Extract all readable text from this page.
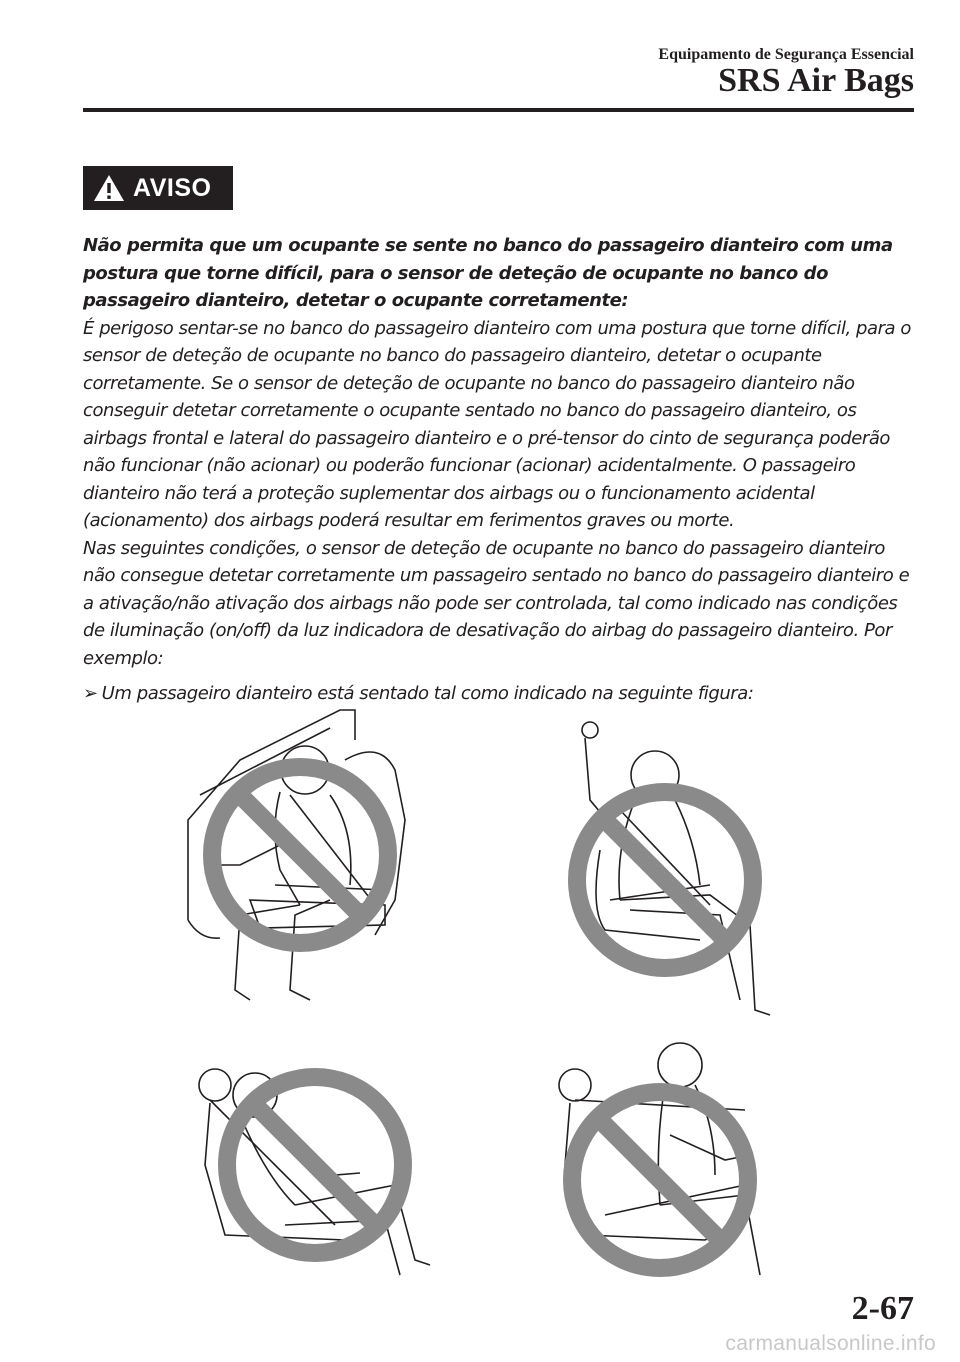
Equipamento de Segurança Essencial
SRS Air Bags
AVISO

Não permita que um ocupante se sente no banco do passageiro dianteiro com uma postura que torne difícil, para o sensor de deteção de ocupante no banco do passageiro dianteiro, detetar o ocupante corretamente:

É perigoso sentar-se no banco do passageiro dianteiro com uma postura que torne difícil, para o sensor de deteção de ocupante no banco do passageiro dianteiro, detetar o ocupante corretamente. Se o sensor de deteção de ocupante no banco do passageiro dianteiro não conseguir detetar corretamente o ocupante sentado no banco do passageiro dianteiro, os airbags frontal e lateral do passageiro dianteiro e o pré-tensor do cinto de segurança poderão não funcionar (não acionar) ou poderão funcionar (acionar) acidentalmente. O passageiro dianteiro não terá a proteção suplementar dos airbags ou o funcionamento acidental (acionamento) dos airbags poderá resultar em ferimentos graves ou morte.

Nas seguintes condições, o sensor de deteção de ocupante no banco do passageiro dianteiro não consegue detetar corretamente um passageiro sentado no banco do passageiro dianteiro e a ativação/não ativação dos airbags não pode ser controlada, tal como indicado nas condições de iluminação (on/off) da luz indicadora de desativação do airbag do passageiro dianteiro. Por exemplo:

➢ Um passageiro dianteiro está sentado tal como indicado na seguinte figura:

2-67
carmanualsonline.info
